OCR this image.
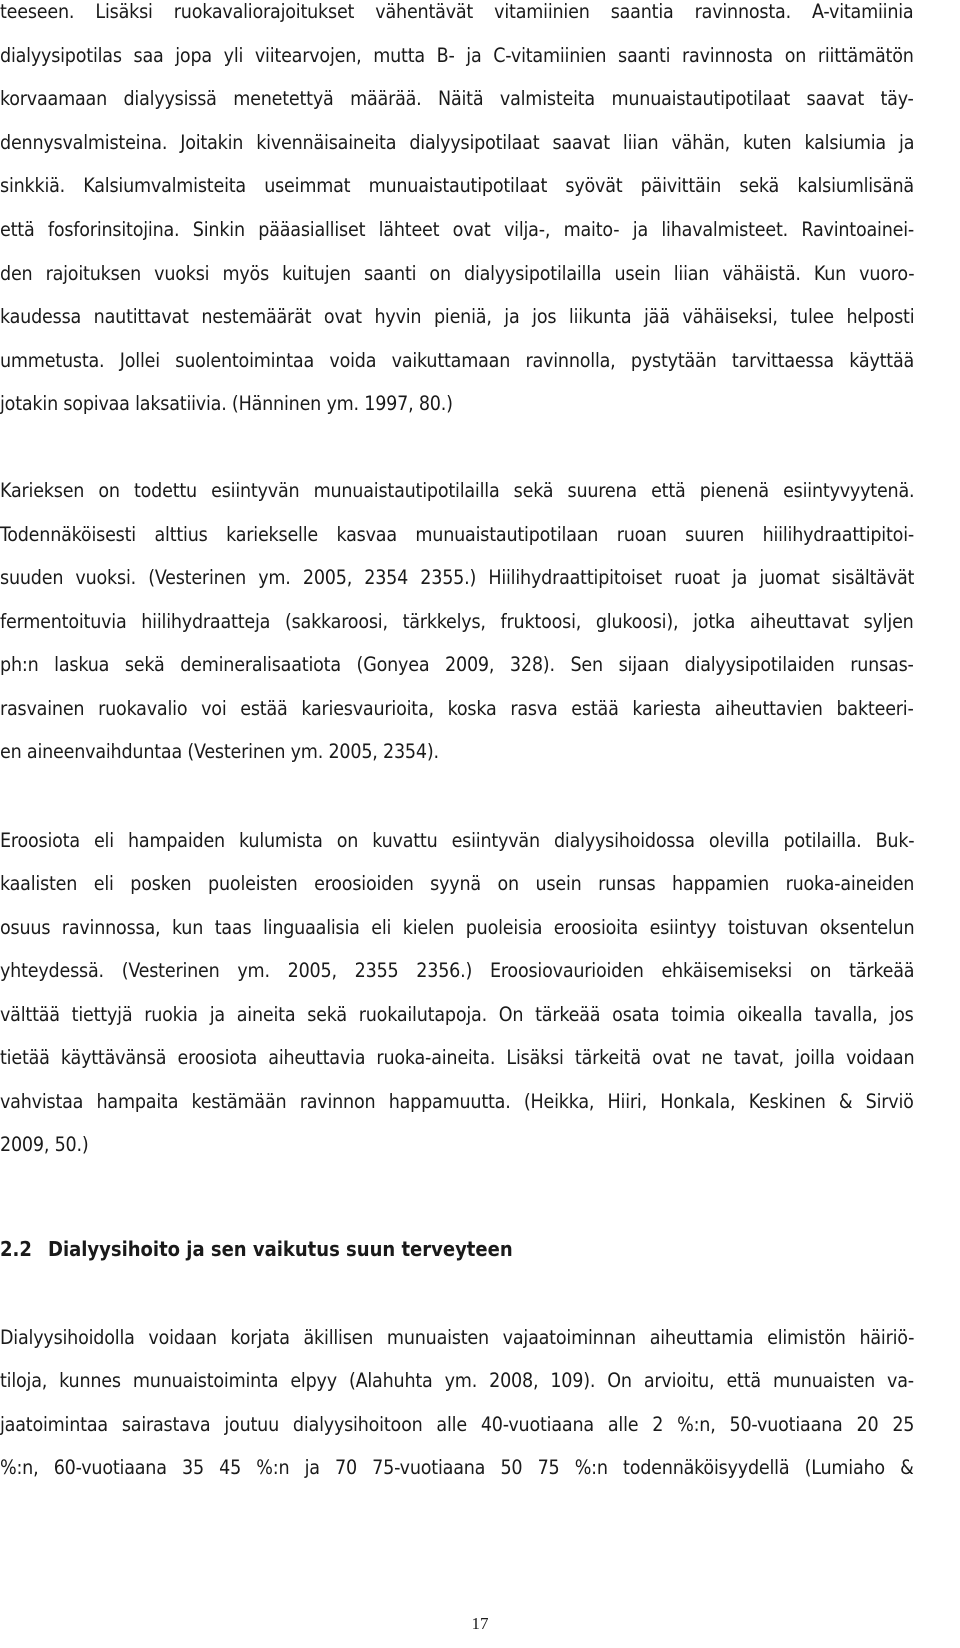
teeseen. Lisäksi ruokavaliorajoitukset vähentävät vitamiinien saantia ravinnosta. A-vitamiinia

dialyysipotilas saa jopa yli viitearvojen, mutta B- ja C-vitamiinien saanti ravinnosta on riittämätön

korvaamaan dialyysissä menetettyä määrää. Näitä valmisteita munuaistautipotilaat saavat täy-

dennysvalmisteina. Joitakin kivennäisaineita dialyysipotilaat saavat liian vähän, kuten kalsiumia ja

sinkkiä. Kalsiumvalmisteita useimmat munuaistautipotilaat syövät päivittäin sekä kalsiumlisänä

että fosforinsitojina. Sinkin pääasialliset lähteet ovat vilja-, maito- ja lihavalmisteet. Ravintoainei-

den rajoituksen vuoksi myös kuitujen saanti on dialyysipotilailla usein liian vähäistä. Kun vuoro-

kaudessa nautittavat nestemäärät ovat hyvin pieniä, ja jos liikunta jää vähäiseksi, tulee helposti

ummetusta. Jollei suolentoimintaa voida vaikuttamaan ravinnolla, pystytään tarvittaessa käyttää

jotakin sopivaa laksatiivia. (Hänninen ym. 1997, 80.)

Karieksen on todettu esiintyvän munuaistautipotilailla sekä suurena että pienenä esiintyvyytenä.

Todennäköisesti alttius kariekselle kasvaa munuaistautipotilaan ruoan suuren hiilihydraattipitoi-

suuden vuoksi. (Vesterinen ym. 2005, 2354 2355.) Hiilihydraattipitoiset ruoat ja juomat sisältävät

fermentoituvia hiilihydraatteja (sakkaroosi, tärkkelys, fruktoosi, glukoosi), jotka aiheuttavat syljen

ph:n laskua sekä demineralisaatiota (Gonyea 2009, 328). Sen sijaan dialyysipotilaiden runsas-

rasvainen ruokavalio voi estää kariesvaurioita, koska rasva estää kariesta aiheuttavien bakteeri-

en aineenvaihduntaa (Vesterinen ym. 2005, 2354).

Eroosiota eli hampaiden kulumista on kuvattu esiintyvän dialyysihoidossa olevilla potilailla. Buk-

kaalisten eli posken puoleisten eroosioiden syynä on usein runsas happamien ruoka-aineiden

osuus ravinnossa, kun taas linguaalisia eli kielen puoleisia eroosioita esiintyy toistuvan oksentelun

yhteydessä. (Vesterinen ym. 2005, 2355 2356.) Eroosiovaurioiden ehkäisemiseksi on tärkeää

välttää tiettyjä ruokia ja aineita sekä ruokailutapoja. On tärkeää osata toimia oikealla tavalla, jos

tietää käyttävänsä eroosiota aiheuttavia ruoka-aineita. Lisäksi tärkeitä ovat ne tavat, joilla voidaan

vahvistaa hampaita kestämään ravinnon happamuutta. (Heikka, Hiiri, Honkala, Keskinen & Sirviö

2009, 50.)

2.2 Dialyysihoito ja sen vaikutus suun terveyteen

Dialyysihoidolla voidaan korjata äkillisen munuaisten vajaatoiminnan aiheuttamia elimistön häiriö-

tiloja, kunnes munuaistoiminta elpyy (Alahuhta ym. 2008, 109). On arvioitu, että munuaisten va-

jaatoimintaa sairastava joutuu dialyysihoitoon alle 40-vuotiaana alle 2 %:n, 50-vuotiaana 20 25

%:n, 60-vuotiaana 35 45 %:n ja 70 75-vuotiaana 50 75 %:n todennäköisyydellä (Lumiaho &

17
